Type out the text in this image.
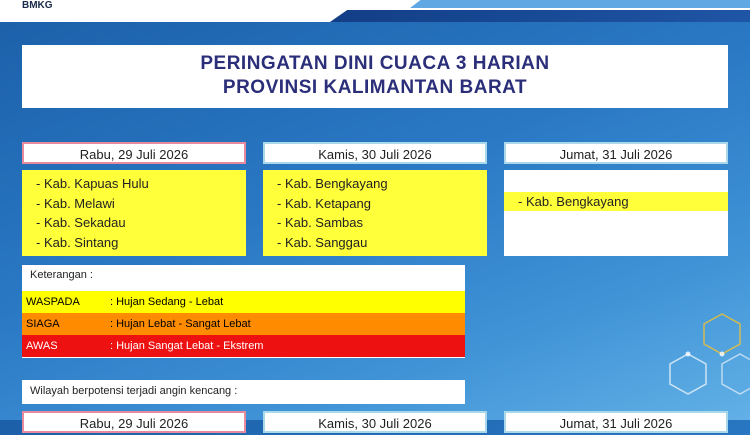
BMKG
PERINGATAN DINI CUACA 3 HARIAN
PROVINSI KALIMANTAN BARAT
Rabu, 29 Juli 2026
- Kab. Kapuas Hulu
- Kab. Melawi
- Kab. Sekadau
- Kab. Sintang
Kamis, 30 Juli 2026
- Kab. Bengkayang
- Kab. Ketapang
- Kab. Sambas
- Kab. Sanggau
Jumat, 31 Juli 2026
- Kab. Bengkayang
Keterangan :
WASPADA	: Hujan Sedang - Lebat
SIAGA	: Hujan Lebat - Sangat Lebat
AWAS	: Hujan Sangat Lebat - Ekstrem
Wilayah berpotensi terjadi angin kencang :
Rabu, 29 Juli 2026	Kamis, 30 Juli 2026	Jumat, 31 Juli 2026
